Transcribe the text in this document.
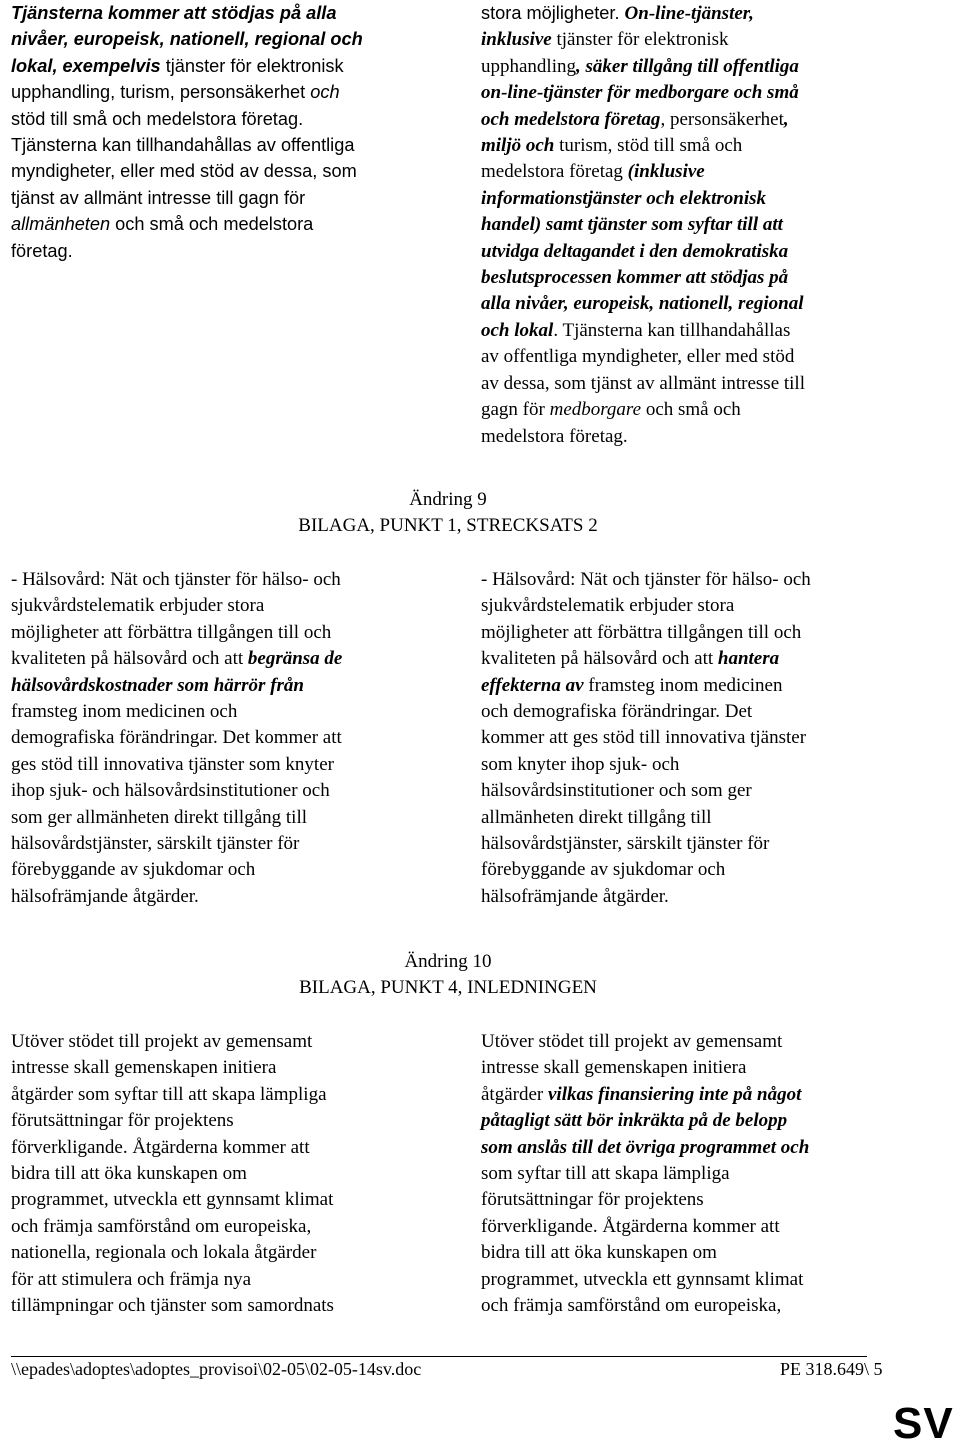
Tjänsterna kommer att stödjas på alla
nivåer, europeisk, nationell, regional och
lokal, exempelvis tjänster för elektronisk
upphandling, turism, personsäkerhet och
stöd till små och medelstora företag.
Tjänsterna kan tillhandahållas av offentliga
myndigheter, eller med stöd av dessa, som
tjänst av allmänt intresse till gagn för
allmänheten och små och medelstora
företag.
stora möjligheter. On-line-tjänster,
inklusive tjänster för elektronisk
upphandling, säker tillgång till offentliga
on-line-tjänster för medborgare och små
och medelstora företag, personsäkerhet,
miljö och turism, stöd till små och
medelstora företag (inklusive
informationstjänster och elektronisk
handel) samt tjänster som syftar till att
utvidga deltagandet i den demokratiska
beslutsprocessen kommer att stödjas på
alla nivåer, europeisk, nationell, regional
och lokal. Tjänsterna kan tillhandahållas
av offentliga myndigheter, eller med stöd
av dessa, som tjänst av allmänt intresse till
gagn för medborgare och små och
medelstora företag.
Ändring 9
BILAGA, PUNKT 1, STRECKSATS 2
- Hälsovård: Nät och tjänster för hälso- och
sjukvårdstelematik erbjuder stora
möjligheter att förbättra tillgången till och
kvaliteten på hälsovård och att begränsa de
hälsovårdskostnader som härrör från
framsteg inom medicinen och
demografiska förändringar. Det kommer att
ges stöd till innovativa tjänster som knyter
ihop sjuk- och hälsovårdsinstitutioner och
som ger allmänheten direkt tillgång till
hälsovårdstjänster, särskilt tjänster för
förebyggande av sjukdomar och
hälsofrämjande åtgärder.
- Hälsovård: Nät och tjänster för hälso- och
sjukvårdstelematik erbjuder stora
möjligheter att förbättra tillgången till och
kvaliteten på hälsovård och att hantera
effekterna av framsteg inom medicinen
och demografiska förändringar. Det
kommer att ges stöd till innovativa tjänster
som knyter ihop sjuk- och
hälsovårdsinstitutioner och som ger
allmänheten direkt tillgång till
hälsovårdstjänster, särskilt tjänster för
förebyggande av sjukdomar och
hälsofrämjande åtgärder.
Ändring 10
BILAGA, PUNKT 4, INLEDNINGEN
Utöver stödet till projekt av gemensamt
intresse skall gemenskapen initiera
åtgärder som syftar till att skapa lämpliga
förutsättningar för projektens
förverkligande. Åtgärderna kommer att
bidra till att öka kunskapen om
programmet, utveckla ett gynnsamt klimat
och främja samförstånd om europeiska,
nationella, regionala och lokala åtgärder
för att stimulera och främja nya
tillämpningar och tjänster som samordnats
Utöver stödet till projekt av gemensamt
intresse skall gemenskapen initiera
åtgärder vilkas finansiering inte på något
påtagligt sätt bör inkräkta på de belopp
som anslås till det övriga programmet och
som syftar till att skapa lämpliga
förutsättningar för projektens
förverkligande. Åtgärderna kommer att
bidra till att öka kunskapen om
programmet, utveckla ett gynnsamt klimat
och främja samförstånd om europeiska,
\\epades\adoptes\adoptes_provisoi\02-05\02-05-14sv.doc	PE 318.649\ 5
SV
